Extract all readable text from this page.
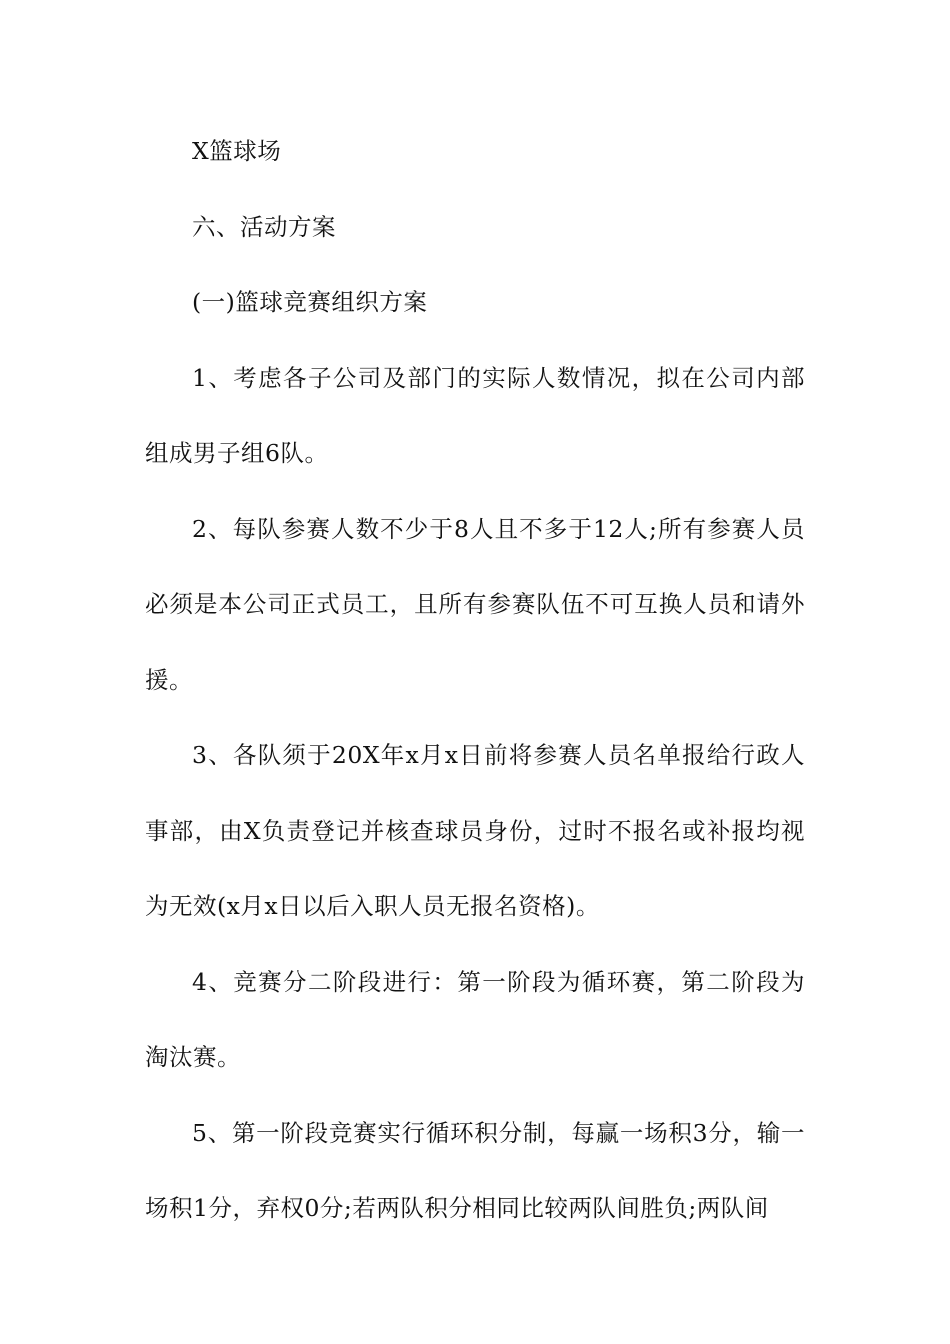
X篮球场

六、活动方案

(一)篮球竞赛组织方案

1、考虑各子公司及部门的实际人数情况，拟在公司内部组成男子组6队。

2、每队参赛人数不少于8人且不多于12人;所有参赛人员必须是本公司正式员工，且所有参赛队伍不可互换人员和请外援。

3、各队须于20X年x月x日前将参赛人员名单报给行政人事部，由X负责登记并核查球员身份，过时不报名或补报均视为无效(x月x日以后入职人员无报名资格)。

4、竞赛分二阶段进行：第一阶段为循环赛，第二阶段为淘汰赛。

5、第一阶段竞赛实行循环积分制，每赢一场积3分，输一场积1分，弃权0分;若两队积分相同比较两队间胜负;两队间
